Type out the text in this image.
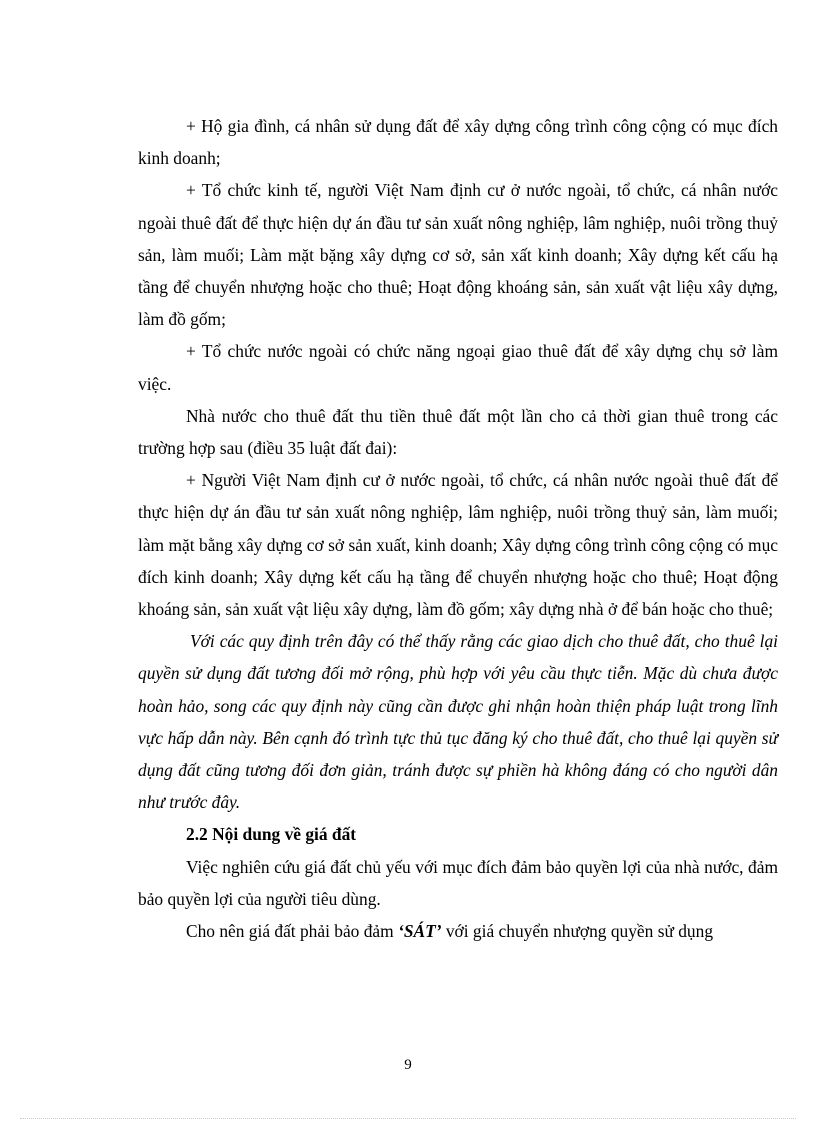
+ Hộ gia đình, cá nhân sử dụng đất để xây dựng công trình công cộng có mục đích kinh doanh;

+ Tổ chức kinh tế, người Việt Nam định cư ở nước ngoài, tổ chức, cá nhân nước ngoài thuê đất để thực hiện dự án đầu tư sản xuất nông nghiệp, lâm nghiệp, nuôi trồng thuỷ sản, làm muối; Làm mặt bặng xây dựng cơ sở, sản xất kinh doanh; Xây dựng kết cấu hạ tầng để chuyển nhượng hoặc cho thuê; Hoạt động khoáng sản, sản xuất vật liệu xây dựng, làm đồ gốm;

+ Tổ chức nước ngoài có chức năng ngoại giao thuê đất để xây dựng chụ sở làm việc.

Nhà nước cho thuê đất thu tiền thuê đất một lần cho cả thời gian thuê trong các trường hợp sau (điều 35 luật đất đai):

+ Người Việt Nam định cư ở nước ngoài, tổ chức, cá nhân nước ngoài thuê đất để thực hiện dự án đầu tư sản xuất nông nghiệp, lâm nghiệp, nuôi trồng thuỷ sản, làm muối; làm mặt bằng xây dựng cơ sở sản xuất, kinh doanh; Xây dựng công trình công cộng có mục đích kinh doanh; Xây dựng kết cấu hạ tầng để chuyển nhượng hoặc cho thuê; Hoạt động khoáng sản, sản xuất vật liệu xây dựng, làm đồ gốm; xây dựng nhà ở để bán hoặc cho thuê;

Với các quy định trên đây có thể thấy rằng các giao dịch cho thuê đất, cho thuê lại quyền sử dụng đất tương đối mở rộng, phù hợp với yêu cầu thực tiễn. Mặc dù chưa được hoàn hảo, song các quy định này cũng cần được ghi nhận hoàn thiện pháp luật trong lĩnh vực hấp dẫn này. Bên cạnh đó trình tực thủ tục đăng ký cho thuê đất, cho thuê lại quyền sử dụng đất cũng tương đối đơn giản, tránh được sự phiền hà không đáng có cho người dân như trước đây.

2.2 Nội dung về giá đất

Việc nghiên cứu giá đất chủ yếu với mục đích đảm bảo quyền lợi của nhà nước, đảm bảo quyền lợi của người tiêu dùng.

Cho nên giá đất phải bảo đảm ‘SÁT’ với giá chuyển nhượng quyền sử dụng

9
